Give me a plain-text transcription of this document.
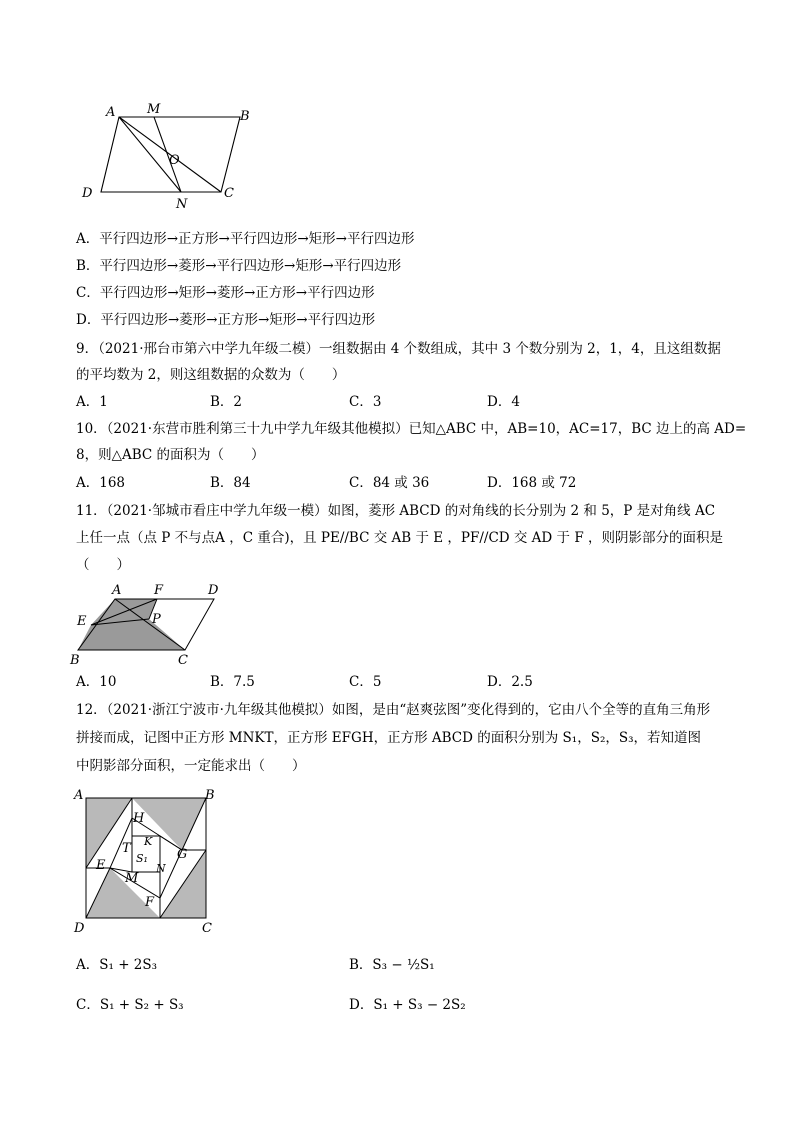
A M	B
O
D
N
C
A．平行四边形→正方形→平行四边形→矩形→平行四边形
B．平行四边形→菱形→平行四边形→矩形→平行四边形
C．平行四边形→矩形→菱形→正方形→平行四边形
D．平行四边形→菱形→正方形→矩形→平行四边形
9．（2021·邢台市第六中学九年级二模）一组数据由 4 个数组成，其中 3 个数分别为 2，1，4，且这组数据
的平均数为 2，则这组数据的众数为（　　）
A．1	B．2	C．3	D．4
10．（2021·东营市胜利第三十九中学九年级其他模拟）已知△ABC 中，AB=10，AC=17，BC 边上的高 AD=
8，则△ABC 的面积为（　　）
A．168	B．84	C．84 或 36	D．168 或 72
11．（2021·邹城市看庄中学九年级一模）如图，菱形 ABCD 的对角线的长分别为 2 和 5，P 是对角线 AC
上任一点（点 P 不与点A ，C 重合)，且 PE//BC 交 AB 于 E ，PF//CD 交 AD 于 F ，则阴影部分的面积是
（　　）
A	F	D
E	P
B	C
A．10	B．7.5	C．5	D．2.5
12．（2021·浙江宁波市·九年级其他模拟）如图，是由“赵爽弦图”变化得到的，它由八个全等的直角三角形
拼接而成，记图中正方形 MNKT，正方形 EFGH，正方形 ABCD 的面积分别为 S₁，S₂，S₃，若知道图
中阴影部分面积，一定能求出（　　）
A	B
H
T K
S₁ G
E	N
M
F
D	C
A．S₁ + 2S₃	B．S₃ − ½S₁
C．S₁ + S₂ + S₃	D．S₁ + S₃ − 2S₂
